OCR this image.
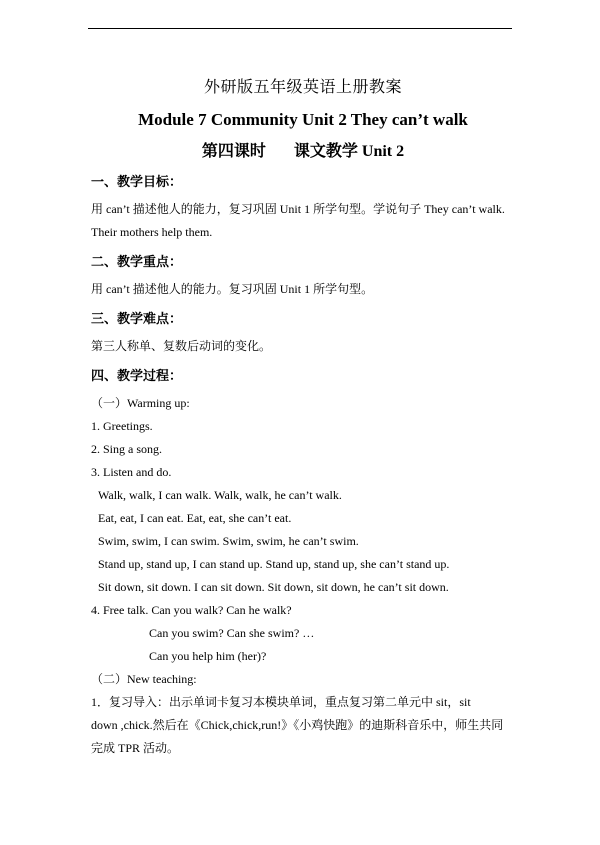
外研版五年级英语上册教案
Module 7 Community Unit 2 They can’t walk
第四课时 课文教学 Unit 2
一、教学目标：
用 can’t 描述他人的能力，复习巩固 Unit 1 所学句型。学说句子 They can’t walk.
Their mothers help them.
二、教学重点：
用 can’t 描述他人的能力。复习巩固 Unit 1 所学句型。
三、教学难点：
第三人称单、复数后动词的变化。
四、教学过程：
（一）Warming up:
1. Greetings.
2. Sing a song.
3. Listen and do.
Walk, walk, I can walk. Walk, walk, he can’t walk.
Eat, eat, I can eat. Eat, eat, she can’t eat.
Swim, swim, I can swim. Swim, swim, he can’t swim.
Stand up, stand up, I can stand up. Stand up, stand up, she can’t stand up.
Sit down, sit down. I can sit down. Sit down, sit down, he can’t sit down.
4. Free talk. Can you walk? Can he walk?
Can you swim? Can she swim? …
Can you help him (her)?
（二）New teaching:
1．复习导入：出示单词卡复习本模块单词，重点复习第二单元中 sit，sit
down ,chick.然后在《Chick,chick,run!》《小鸡快跑》的迪斯科音乐中，师生共同
完成 TPR 活动。
